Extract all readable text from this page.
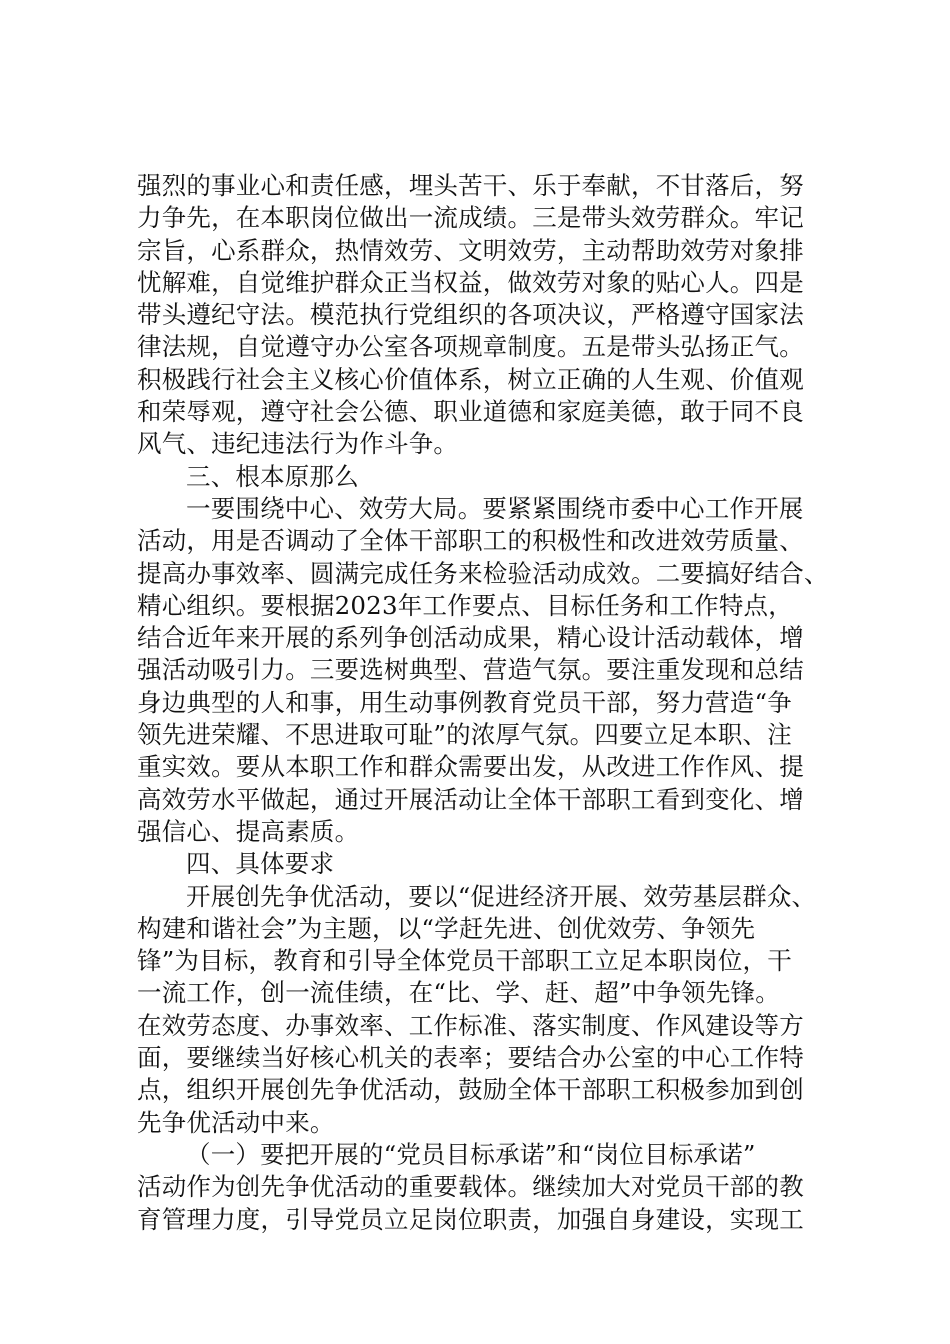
强烈的事业心和责任感，埋头苦干、乐于奉献，不甘落后，努
力争先，在本职岗位做出一流成绩。三是带头效劳群众。牢记
宗旨，心系群众，热情效劳、文明效劳，主动帮助效劳对象排
忧解难，自觉维护群众正当权益，做效劳对象的贴心人。四是
带头遵纪守法。模范执行党组织的各项决议，严格遵守国家法
律法规，自觉遵守办公室各项规章制度。五是带头弘扬正气。
积极践行社会主义核心价值体系，树立正确的人生观、价值观
和荣辱观，遵守社会公德、职业道德和家庭美德，敢于同不良
风气、违纪违法行为作斗争。
三、根本原那么
一要围绕中心、效劳大局。要紧紧围绕市委中心工作开展
活动，用是否调动了全体干部职工的积极性和改进效劳质量、
提高办事效率、圆满完成任务来检验活动成效。二要搞好结合、
精心组织。要根据2023年工作要点、目标任务和工作特点，
结合近年来开展的系列争创活动成果，精心设计活动载体，增
强活动吸引力。三要选树典型、营造气氛。要注重发现和总结
身边典型的人和事，用生动事例教育党员干部，努力营造“争
领先进荣耀、不思进取可耻”的浓厚气氛。四要立足本职、注
重实效。要从本职工作和群众需要出发，从改进工作作风、提
高效劳水平做起，通过开展活动让全体干部职工看到变化、增
强信心、提高素质。
四、具体要求
开展创先争优活动，要以“促进经济开展、效劳基层群众、
构建和谐社会”为主题，以“学赶先进、创优效劳、争领先
锋”为目标，教育和引导全体党员干部职工立足本职岗位，干
一流工作，创一流佳绩，在“比、学、赶、超”中争领先锋。
在效劳态度、办事效率、工作标准、落实制度、作风建设等方
面，要继续当好核心机关的表率；要结合办公室的中心工作特
点，组织开展创先争优活动，鼓励全体干部职工积极参加到创
先争优活动中来。
（一）要把开展的“党员目标承诺”和“岗位目标承诺”
活动作为创先争优活动的重要载体。继续加大对党员干部的教
育管理力度，引导党员立足岗位职责，加强自身建设，实现工
